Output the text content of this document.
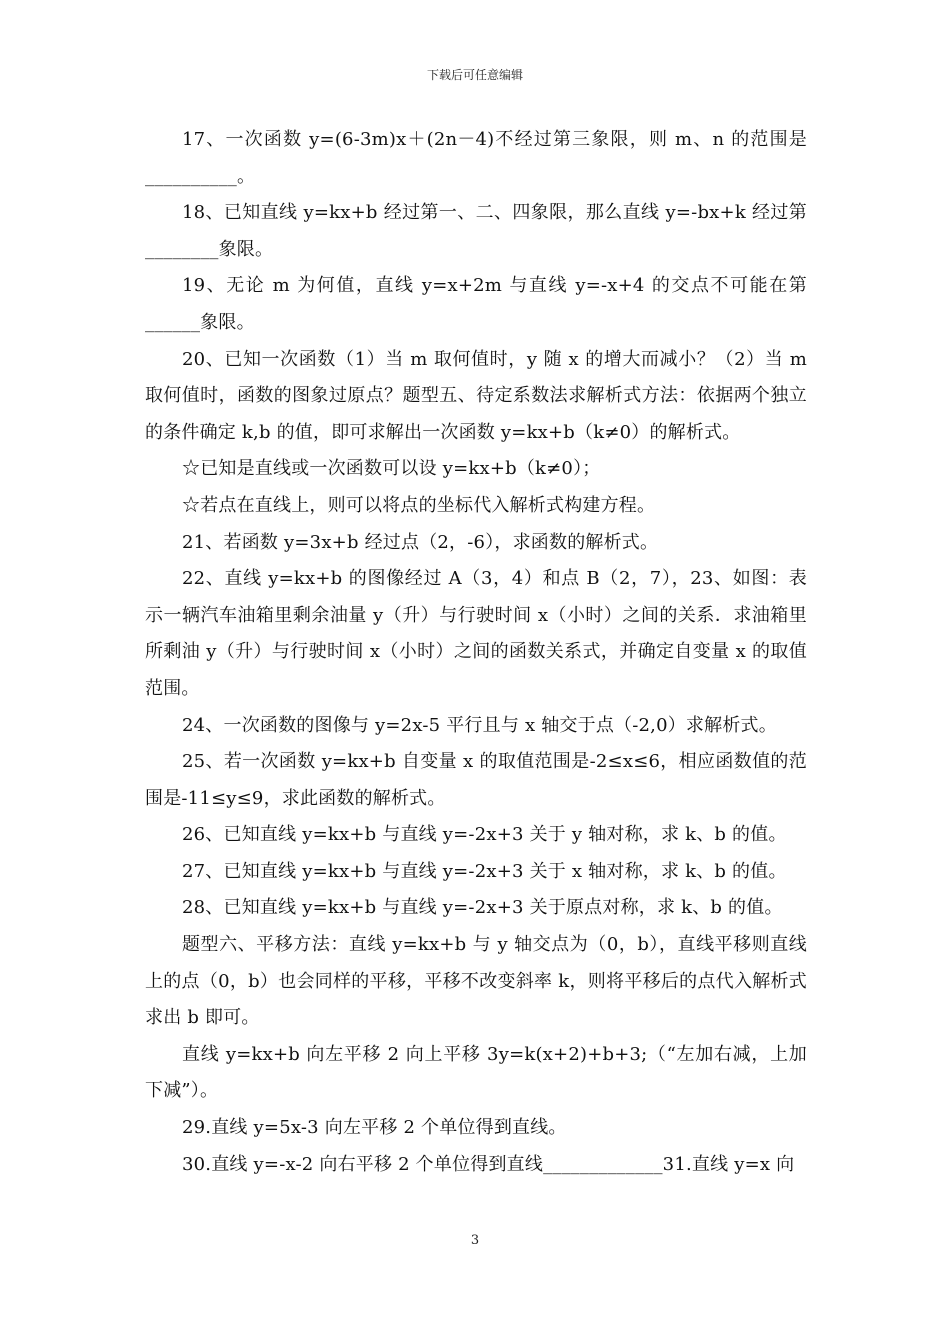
下载后可任意编辑

17、一次函数 y=(6-3m)x＋(2n－4)不经过第三象限，则 m、n 的范围是__________。

18、已知直线 y=kx+b 经过第一、二、四象限，那么直线 y=-bx+k 经过第________象限。

19、无论 m 为何值，直线 y=x+2m 与直线 y=-x+4 的交点不可能在第______象限。

20、已知一次函数（1）当 m 取何值时，y 随 x 的增大而减小？（2）当 m 取何值时，函数的图象过原点？题型五、待定系数法求解析式方法：依据两个独立的条件确定 k,b 的值，即可求解出一次函数 y=kx+b（k≠0）的解析式。

☆已知是直线或一次函数可以设 y=kx+b（k≠0）；

☆若点在直线上，则可以将点的坐标代入解析式构建方程。

21、若函数 y=3x+b 经过点（2，-6），求函数的解析式。

22、直线 y=kx+b 的图像经过 A（3，4）和点 B（2，7），23、如图：表示一辆汽车油箱里剩余油量 y（升）与行驶时间 x（小时）之间的关系．求油箱里所剩油 y（升）与行驶时间 x（小时）之间的函数关系式，并确定自变量 x 的取值范围。

24、一次函数的图像与 y=2x-5 平行且与 x 轴交于点（-2,0）求解析式。

25、若一次函数 y=kx+b 自变量 x 的取值范围是-2≤x≤6，相应函数值的范围是-11≤y≤9，求此函数的解析式。

26、已知直线 y=kx+b 与直线 y=-2x+3 关于 y 轴对称，求 k、b 的值。

27、已知直线 y=kx+b 与直线 y=-2x+3 关于 x 轴对称，求 k、b 的值。

28、已知直线 y=kx+b 与直线 y=-2x+3 关于原点对称，求 k、b 的值。

题型六、平移方法：直线 y=kx+b 与 y 轴交点为（0，b），直线平移则直线上的点（0，b）也会同样的平移，平移不改变斜率 k，则将平移后的点代入解析式求出 b 即可。

直线 y=kx+b 向左平移 2 向上平移 3y=k(x+2)+b+3;（“左加右减，上加下减”）。

29.直线 y=5x-3 向左平移 2 个单位得到直线。

30.直线 y=-x-2 向右平移 2 个单位得到直线_____________31.直线 y=x 向

3
